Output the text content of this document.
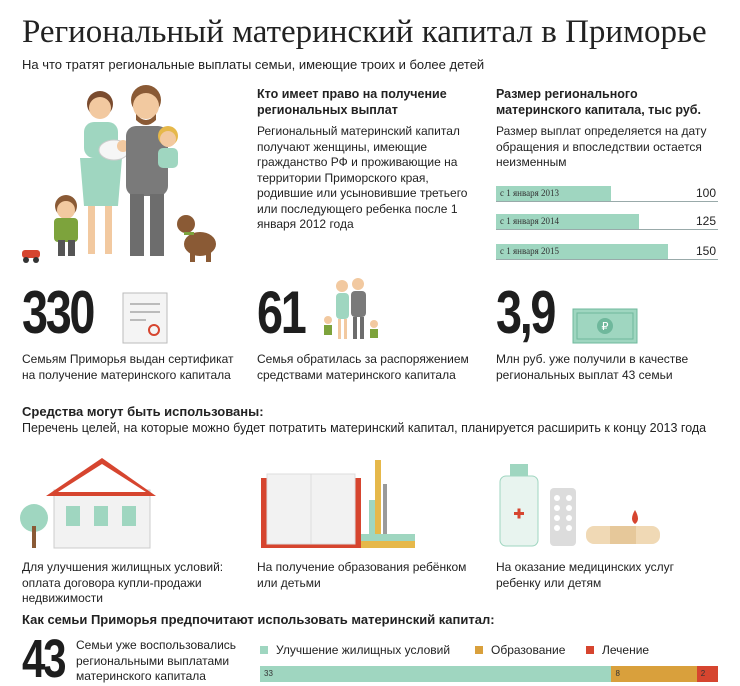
Региональный материнский капитал в Приморье
На что тратят региональные выплаты семьи, имеющие троих и более детей
Кто имеет право на получение региональных выплат
Региональный материнский капитал получают женщины, имеющие гражданство РФ и проживающие на территории Приморского края, родившие или усыновившие третьего или последующего ребенка после 1 января 2012 года
Размер регионального материнского капитала, тыс руб.
Размер выплат определяется на дату обращения и впоследствии остается неизменным
с 1 января 2013	100
с 1 января 2014	125
с 1 января 2015	150
330
Семьям Приморья выдан сертификат на получение материнского капитала
61
Семья обратилась за распоряжением средствами материнского капитала
3,9	₽
Млн руб. уже получили в качестве региональных выплат 43 семьи
Средства могут быть использованы:
Перечень целей, на которые можно будет потратить материнский капитал, планируется расширить к концу 2013 года
Для улучшения жилищных условий: оплата договора купли-продажи недвижимости
На получение образования ребёнком или детьми
На оказание медицинских услуг ребенку или детям
Как семьи Приморья предпочитают использовать материнский капитал:
43 Семьи уже воспользовались региональными выплатами материнского капитала
Улучшение жилищных условий	Образование	Лечение
33	8	2
